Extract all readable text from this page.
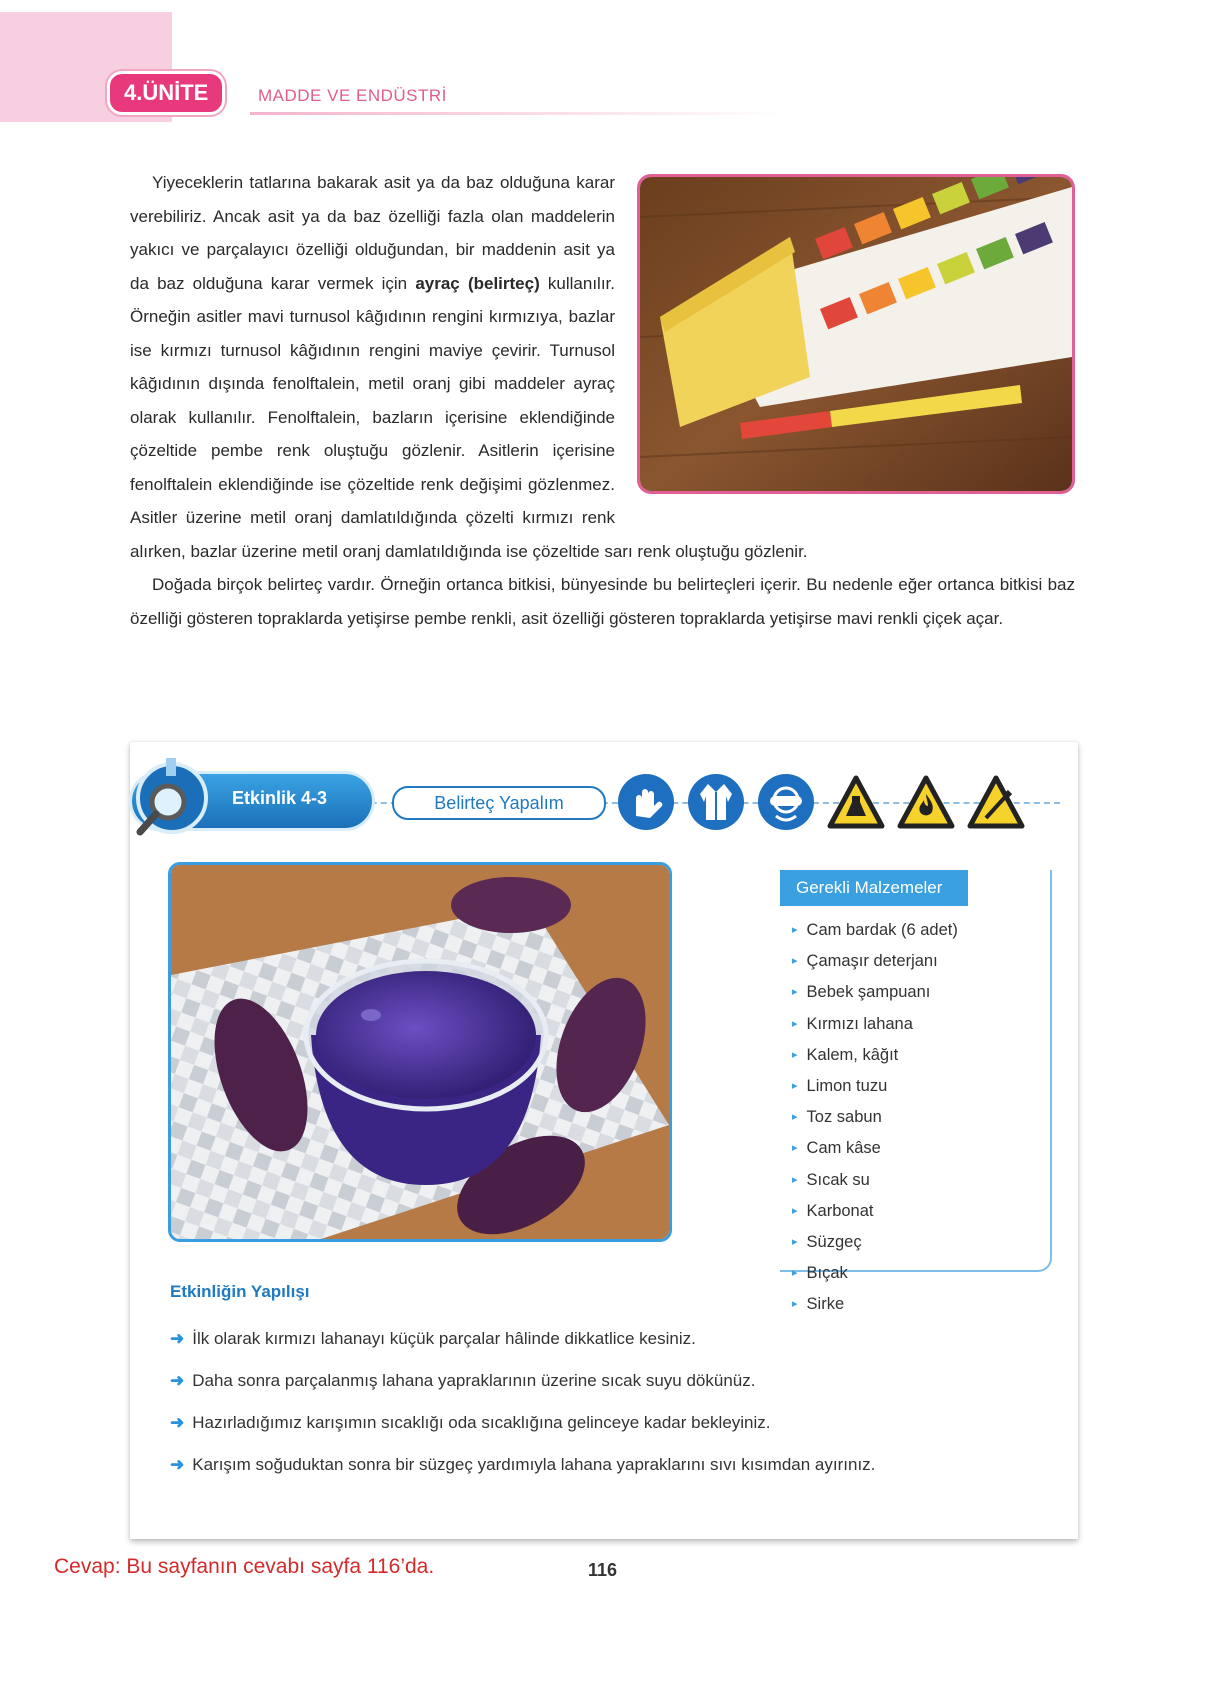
4.ÜNİTE	MADDE VE ENDÜSTRİ

Yiyeceklerin tatlarına bakarak asit ya da baz olduğuna karar verebiliriz. Ancak asit ya da baz özelliği fazla olan maddelerin yakıcı ve parçalayıcı özelliği olduğundan, bir maddenin asit ya da baz olduğuna karar vermek için ayraç (belirteç) kullanılır. Örneğin asitler mavi turnusol kâğıdının rengini kırmızıya, bazlar ise kırmızı turnusol kâğıdının rengini maviye çevirir. Turnusol kâğıdının dışında fenolftalein, metil oranj gibi maddeler ayraç olarak kullanılır. Fenolftalein, bazların içerisine eklendiğinde çözeltide pembe renk oluştuğu gözlenir. Asitlerin içerisine fenolftalein eklendiğinde ise çözeltide renk değişimi gözlenmez. Asitler üzerine metil oranj damlatıldığında çözelti kırmızı renk alırken, bazlar üzerine metil oranj damlatıldığında ise çözeltide sarı renk oluştuğu gözlenir.

Doğada birçok belirteç vardır. Örneğin ortanca bitkisi, bünyesinde bu belirteçleri içerir. Bu nedenle eğer ortanca bitkisi baz özelliği gösteren topraklarda yetişirse pembe renkli, asit özelliği gösteren topraklarda yetişirse mavi renkli çiçek açar.

Etkinlik 4-3	Belirteç Yapalım
Gerekli Malzemeler
▸ Cam bardak (6 adet)
▸ Çamaşır deterjanı
▸ Bebek şampuanı
▸ Kırmızı lahana
▸ Kalem, kâğıt
▸ Limon tuzu
▸ Toz sabun
▸ Cam kâse
▸ Sıcak su
▸ Karbonat
▸ Süzgeç
▸ Bıçak
▸ Sirke
Etkinliğin Yapılışı
➜ İlk olarak kırmızı lahanayı küçük parçalar hâlinde dikkatlice kesiniz.
➜ Daha sonra parçalanmış lahana yapraklarının üzerine sıcak suyu dökünüz.
➜ Hazırladığımız karışımın sıcaklığı oda sıcaklığına gelinceye kadar bekleyiniz.
➜ Karışım soğuduktan sonra bir süzgeç yardımıyla lahana yapraklarını sıvı kısımdan ayırınız.
Cevap: Bu sayfanın cevabı sayfa 116’da.	116
